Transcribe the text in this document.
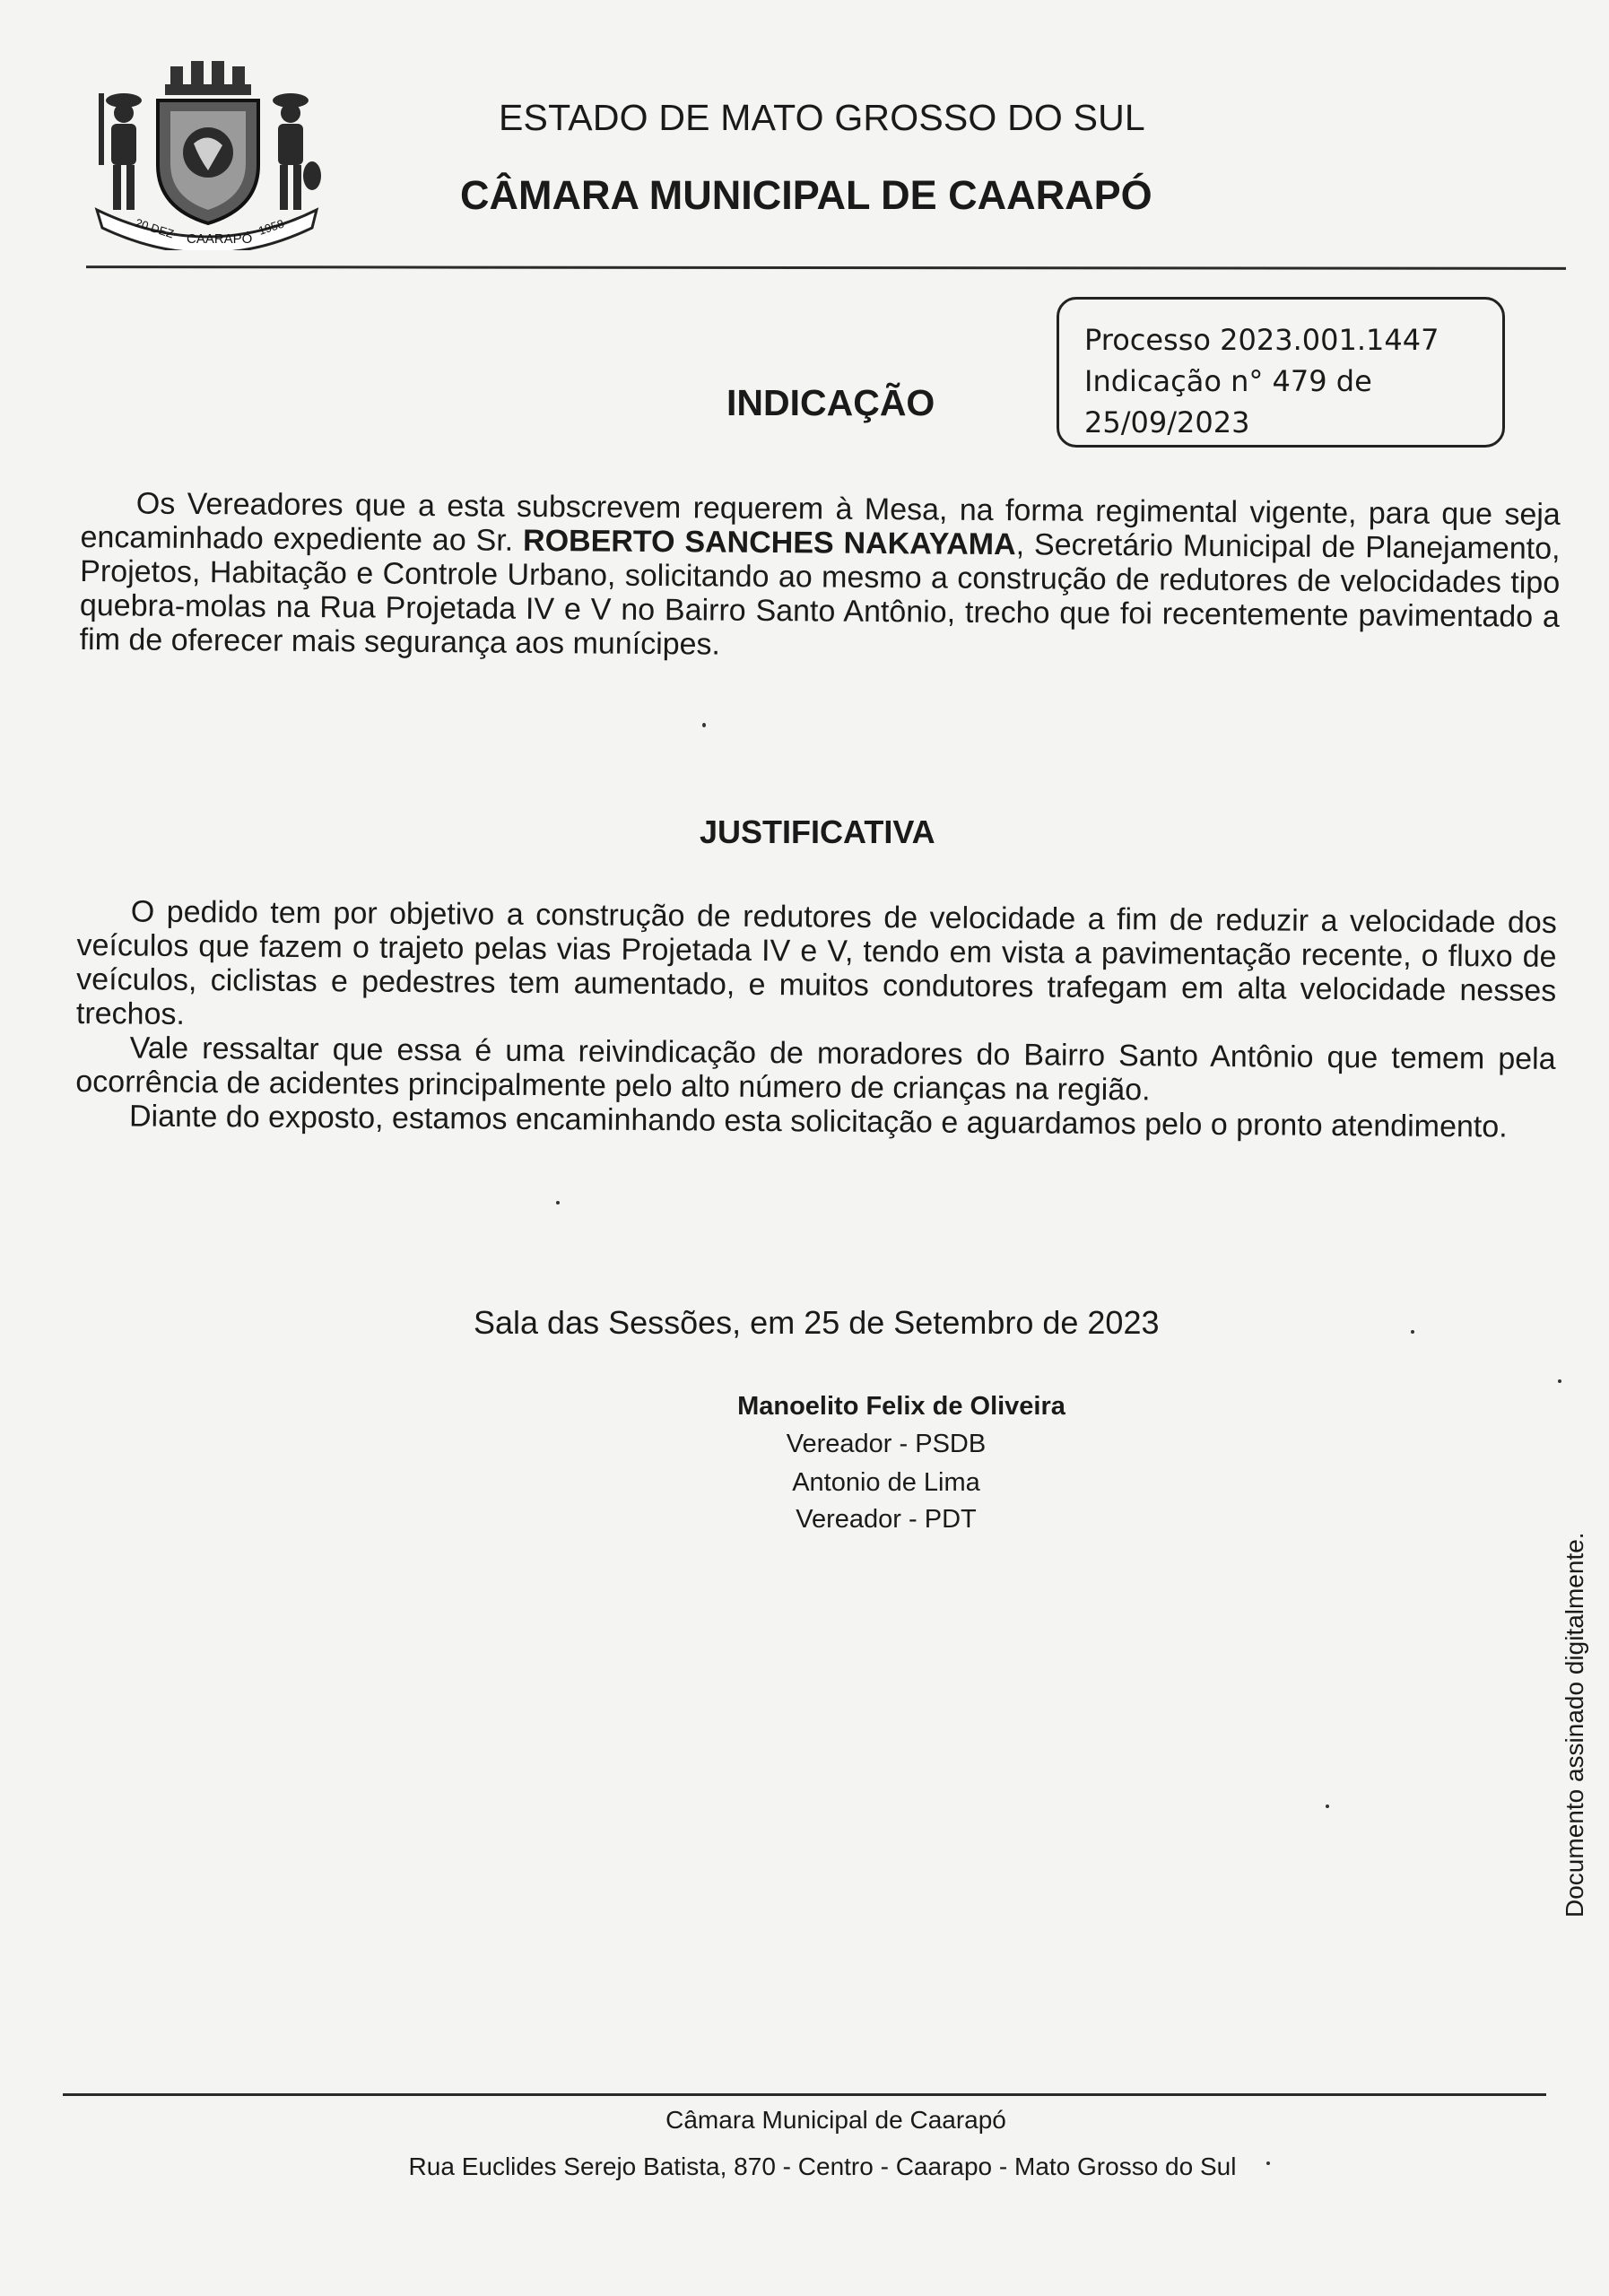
20 DEZ CAARAPÓ
1958
ESTADO DE MATO GROSSO DO SUL
CÂMARA MUNICIPAL DE CAARAPÓ
Processo 2023.001.1447
Indicação n° 479 de
25/09/2023
INDICAÇÃO
Os Vereadores que a esta subscrevem requerem à Mesa, na forma regimental vigente, para que seja encaminhado expediente ao Sr. ROBERTO SANCHES NAKAYAMA, Secretário Municipal de Planejamento, Projetos, Habitação e Controle Urbano, solicitando ao mesmo a construção de redutores de velocidades tipo quebra-molas na Rua Projetada IV e V no Bairro Santo Antônio, trecho que foi recentemente pavimentado a fim de oferecer mais segurança aos munícipes.
JUSTIFICATIVA

O pedido tem por objetivo a construção de redutores de velocidade a fim de reduzir a velocidade dos veículos que fazem o trajeto pelas vias Projetada IV e V, tendo em vista a pavimentação recente, o fluxo de veículos, ciclistas e pedestres tem aumentado, e muitos condutores trafegam em alta velocidade nesses trechos.

Vale ressaltar que essa é uma reivindicação de moradores do Bairro Santo Antônio que temem pela ocorrência de acidentes principalmente pelo alto número de crianças na região.

Diante do exposto, estamos encaminhando esta solicitação e aguardamos pelo o pronto atendimento.

Sala das Sessões, em 25 de Setembro de 2023
Manoelito Felix de Oliveira
Vereador - PSDB
Antonio de Lima
Vereador - PDT
Documento assinado digitalmente.
Câmara Municipal de Caarapó
Rua Euclides Serejo Batista, 870 - Centro - Caarapo - Mato Grosso do Sul
